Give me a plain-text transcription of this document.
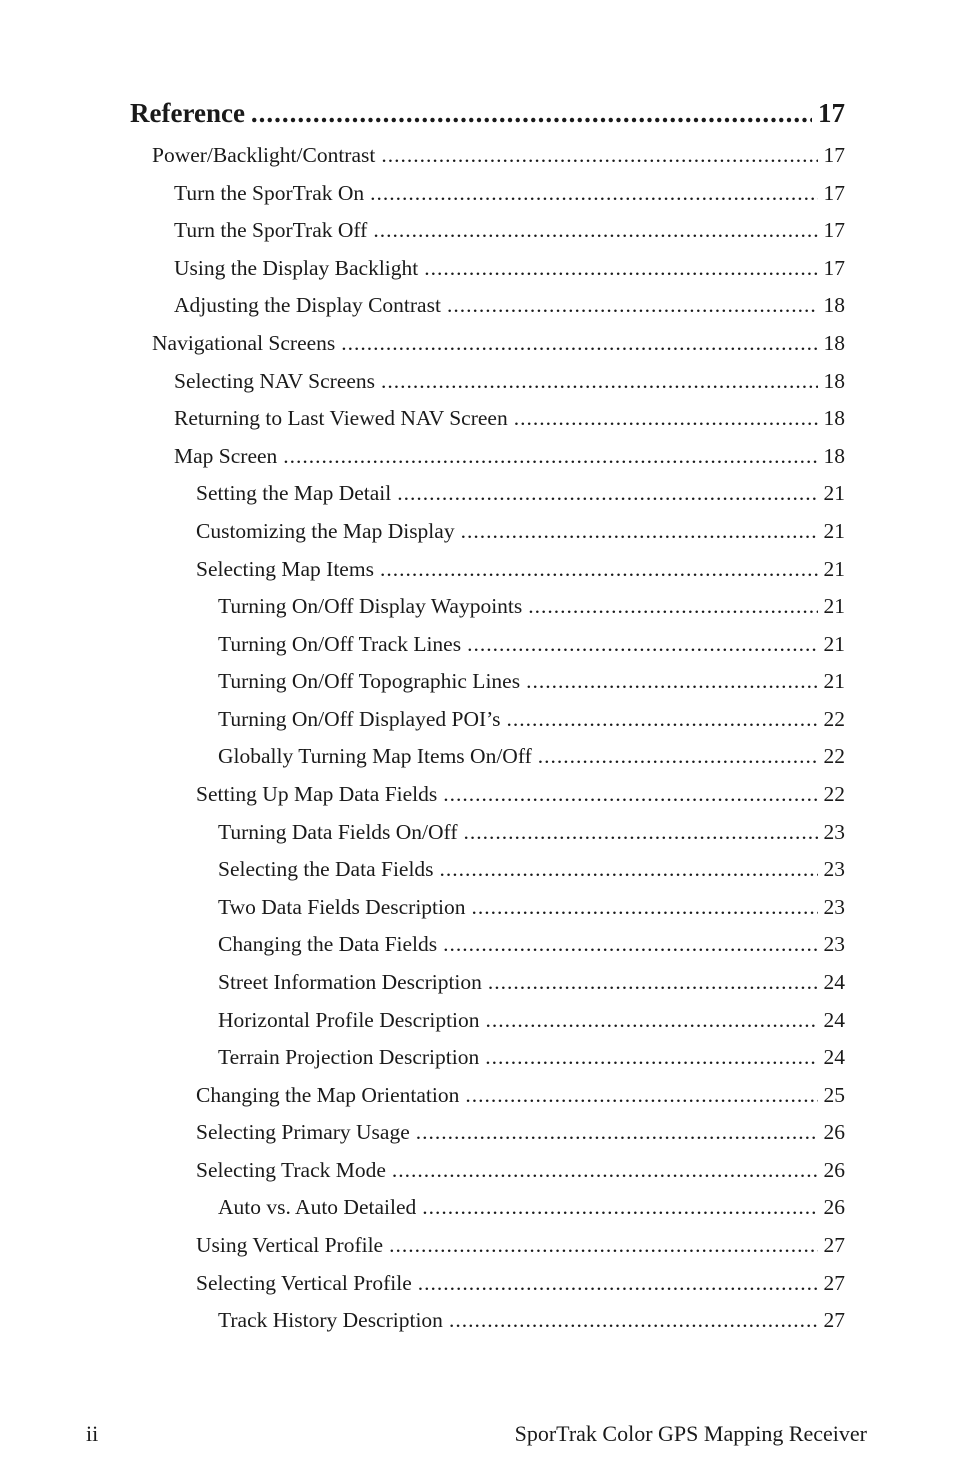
Reference .....	17
Power/Backlight/Contrast .....	17
Turn the SporTrak On .....	17
Turn the SporTrak Off .....	17
Using the Display Backlight .....	17
Adjusting the Display Contrast .....	18
Navigational Screens .....	18
Selecting NAV Screens .....	18
Returning to Last Viewed NAV Screen .....	18
Map Screen .....	18
Setting the Map Detail .....	21
Customizing the Map Display .....	21
Selecting Map Items .....	21
Turning On/Off Display Waypoints .....	21
Turning On/Off Track Lines .....	21
Turning On/Off Topographic Lines .....	21
Turning On/Off Displayed POI’s .....	22
Globally Turning Map Items On/Off .....	22
Setting Up Map Data Fields .....	22
Turning Data Fields On/Off .....	23
Selecting the Data Fields .....	23
Two Data Fields Description .....	23
Changing the Data Fields .....	23
Street Information Description .....	24
Horizontal Profile Description .....	24
Terrain Projection Description .....	24
Changing the Map Orientation .....	25
Selecting Primary Usage .....	26
Selecting Track Mode .....	26
Auto vs. Auto Detailed .....	26
Using Vertical Profile .....	27
Selecting Vertical Profile .....	27
Track History Description .....	27
ii	SporTrak Color GPS Mapping Receiver
